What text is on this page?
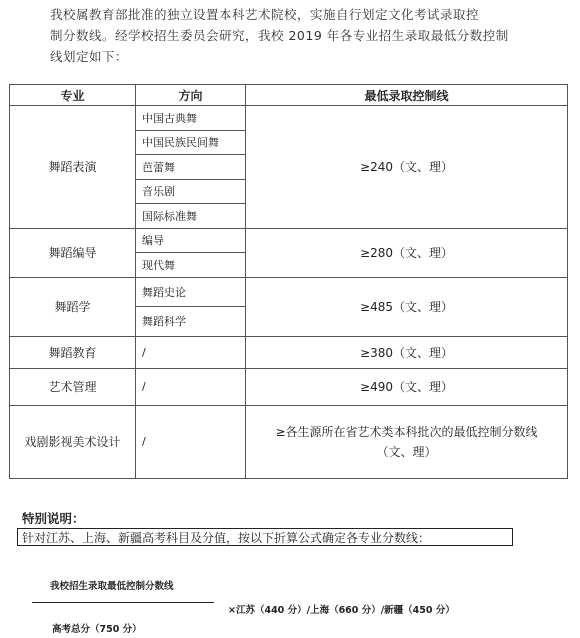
我校属教育部批准的独立设置本科艺术院校，实施自行划定文化考试录取控
制分数线。经学校招生委员会研究，我校 2019 年各专业招生录取最低分数控制
线划定如下：
专业	方向	最低录取控制线
舞蹈表演	中国古典舞	≥240（文、理）
	中国民族民间舞	
	芭蕾舞	
	音乐剧	
	国际标准舞	
舞蹈编导	编导	≥280（文、理）
	现代舞	
舞蹈学	舞蹈史论	≥485（文、理）
	舞蹈科学	
舞蹈教育	/	≥380（文、理）
艺术管理	/	≥490（文、理）
戏剧影视美术设计	/	≥各生源所在省艺术类本科批次的最低控制分数线
（文、理）
特别说明：
针对江苏、上海、新疆高考科目及分值，按以下折算公式确定各专业分数线：
我校招生录取最低控制分数线
×江苏（440 分）/上海（660 分）/新疆（450 分）
高考总分（750 分）
